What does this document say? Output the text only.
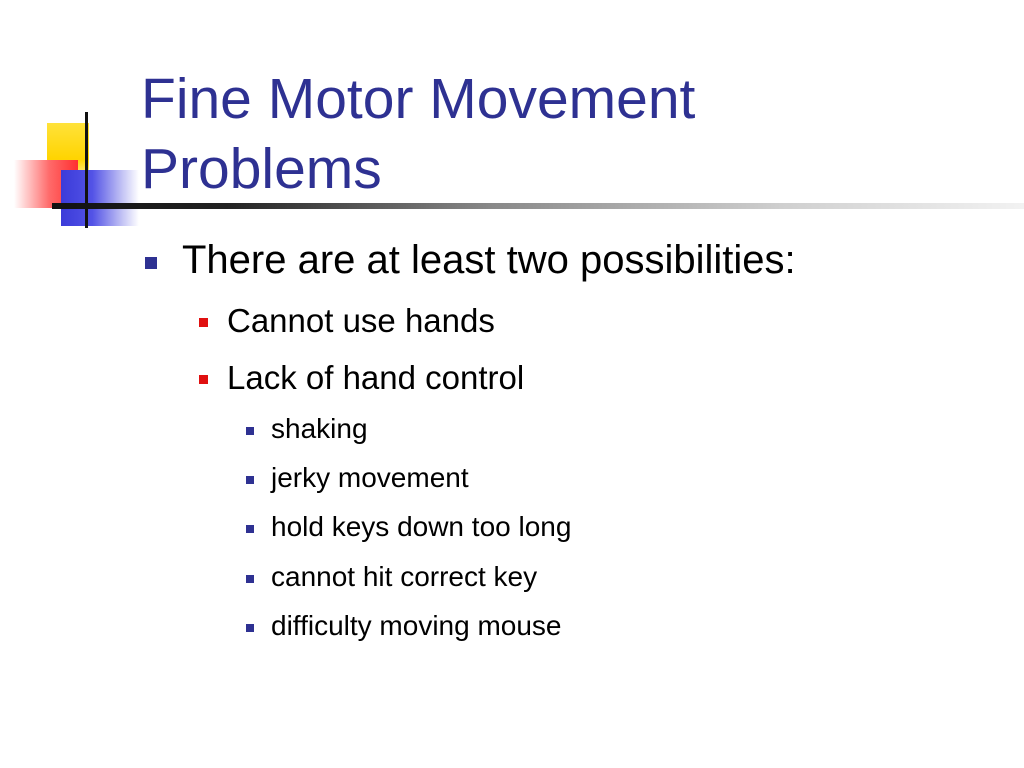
Fine Motor Movement
Problems
There are at least two possibilities:
Cannot use hands
Lack of hand control
shaking
jerky movement
hold keys down too long
cannot hit correct key
difficulty moving mouse
